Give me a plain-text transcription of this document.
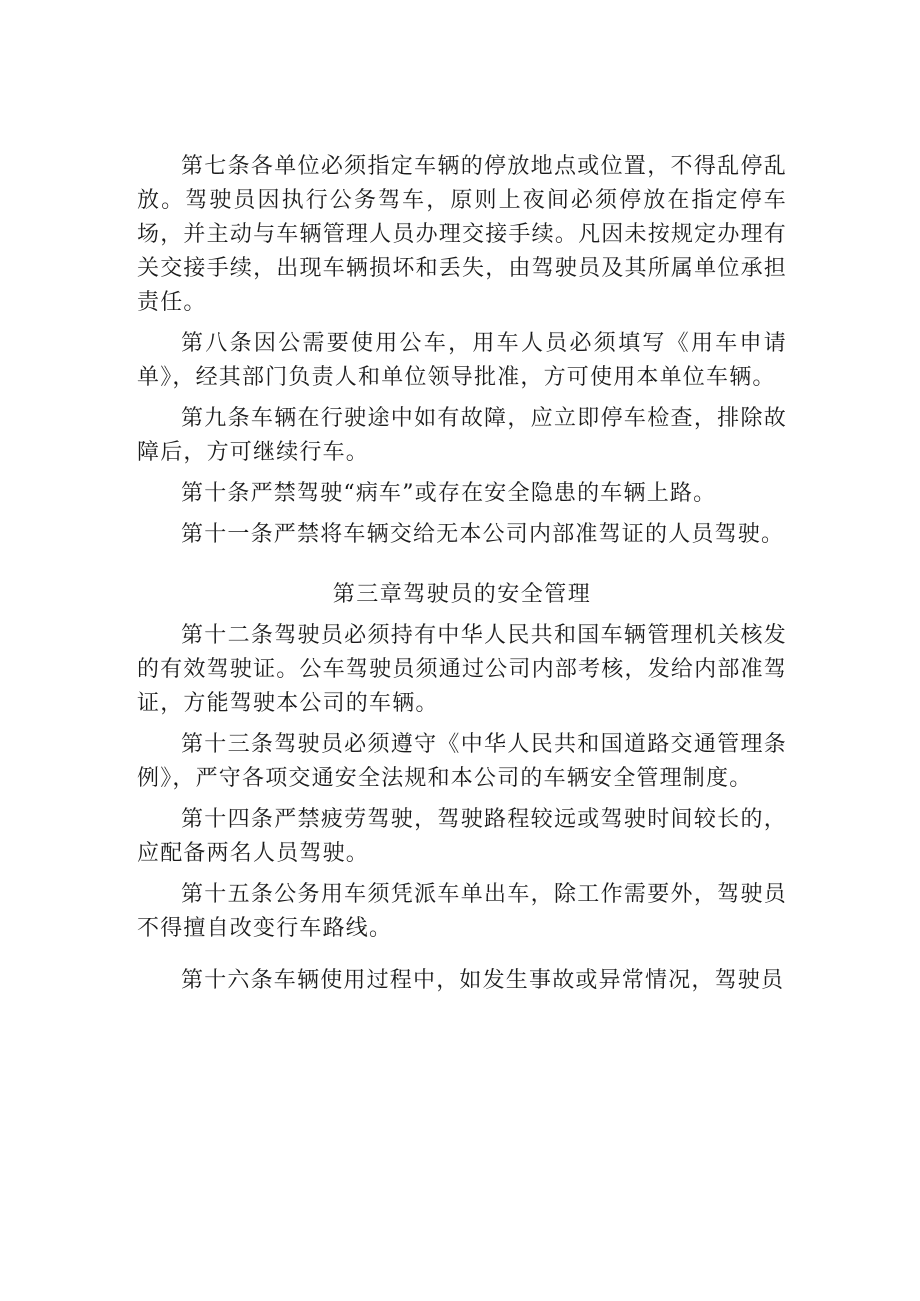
第七条各单位必须指定车辆的停放地点或位置，不得乱停乱放。驾驶员因执行公务驾车，原则上夜间必须停放在指定停车场，并主动与车辆管理人员办理交接手续。凡因未按规定办理有关交接手续，出现车辆损坏和丢失，由驾驶员及其所属单位承担责任。

第八条因公需要使用公车，用车人员必须填写《用车申请单》，经其部门负责人和单位领导批准，方可使用本单位车辆。

第九条车辆在行驶途中如有故障，应立即停车检查，排除故障后，方可继续行车。

第十条严禁驾驶“病车”或存在安全隐患的车辆上路。

第十一条严禁将车辆交给无本公司内部准驾证的人员驾驶。

第三章驾驶员的安全管理

第十二条驾驶员必须持有中华人民共和国车辆管理机关核发的有效驾驶证。公车驾驶员须通过公司内部考核，发给内部准驾证，方能驾驶本公司的车辆。

第十三条驾驶员必须遵守《中华人民共和国道路交通管理条例》，严守各项交通安全法规和本公司的车辆安全管理制度。

第十四条严禁疲劳驾驶，驾驶路程较远或驾驶时间较长的，应配备两名人员驾驶。

第十五条公务用车须凭派车单出车，除工作需要外，驾驶员不得擅自改变行车路线。

第十六条车辆使用过程中，如发生事故或异常情况，驾驶员
